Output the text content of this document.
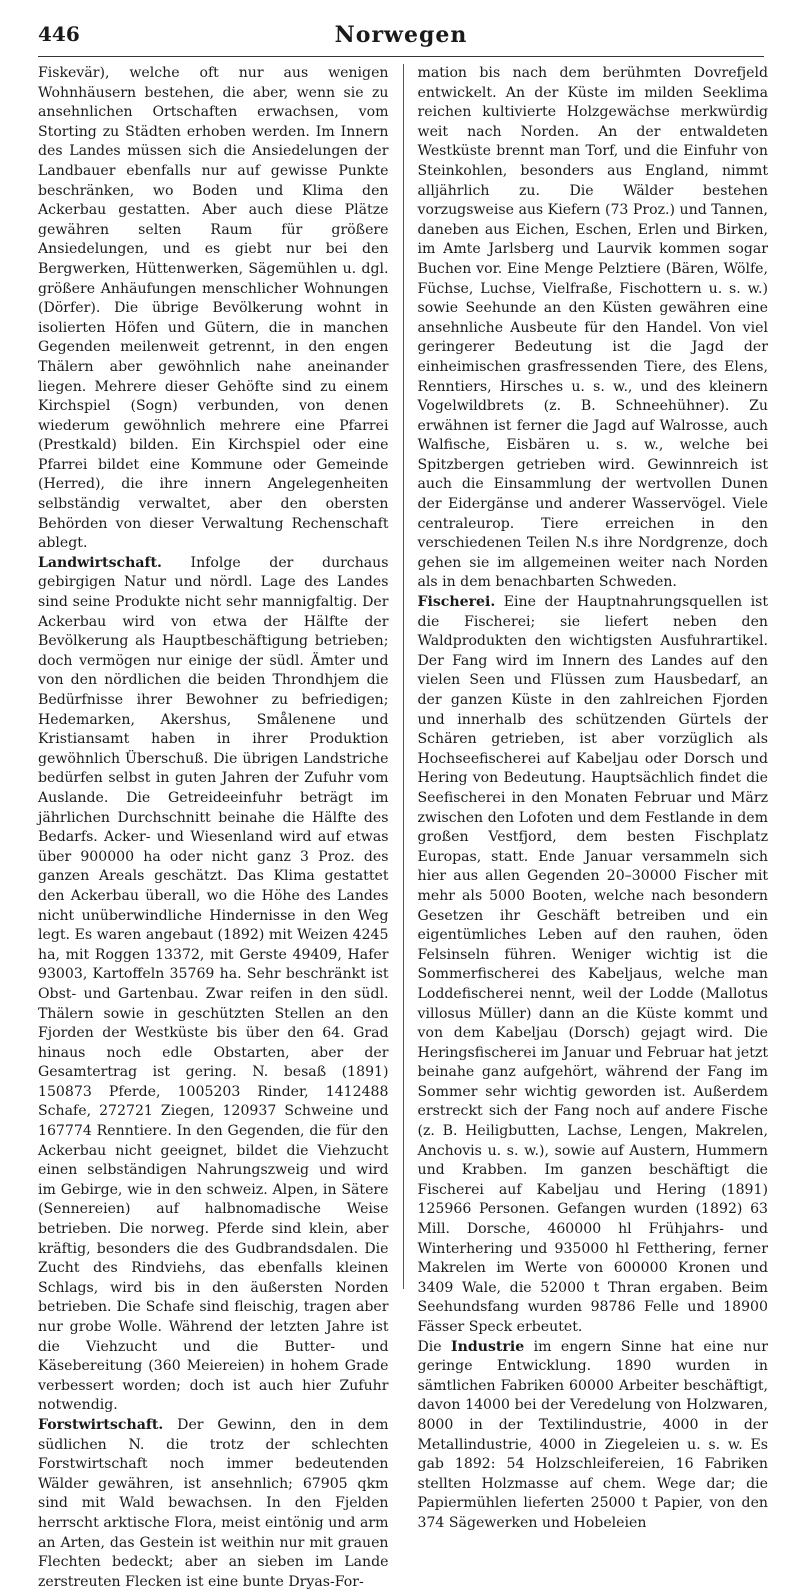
446	Norwegen

Fiskevär), welche oft nur aus wenigen Wohnhäusern bestehen, die aber, wenn sie zu ansehnlichen Ortschaften erwachsen, vom Storting zu Städten erhoben werden. Im Innern des Landes müssen sich die Ansiedelungen der Landbauer ebenfalls nur auf gewisse Punkte beschränken, wo Boden und Klima den Ackerbau gestatten. Aber auch diese Plätze gewähren selten Raum für größere Ansiedelungen, und es giebt nur bei den Bergwerken, Hüttenwerken, Sägemühlen u. dgl. größere Anhäufungen menschlicher Wohnungen (Dörfer). Die übrige Bevölkerung wohnt in isolierten Höfen und Gütern, die in manchen Gegenden meilenweit getrennt, in den engen Thälern aber gewöhnlich nahe aneinander liegen. Mehrere dieser Gehöfte sind zu einem Kirchspiel (Sogn) verbunden, von denen wiederum gewöhnlich mehrere eine Pfarrei (Prestkald) bilden. Ein Kirchspiel oder eine Pfarrei bildet eine Kommune oder Gemeinde (Herred), die ihre innern Angelegenheiten selbständig verwaltet, aber den obersten Behörden von dieser Verwaltung Rechenschaft ablegt.

Landwirtschaft. Infolge der durchaus gebirgigen Natur und nördl. Lage des Landes sind seine Produkte nicht sehr mannigfaltig. Der Ackerbau wird von etwa der Hälfte der Bevölkerung als Hauptbeschäftigung betrieben; doch vermögen nur einige der südl. Ämter und von den nördlichen die beiden Throndhjem die Bedürfnisse ihrer Bewohner zu befriedigen; Hedemarken, Akershus, Smålenene und Kristiansamt haben in ihrer Produktion gewöhnlich Überschuß. Die übrigen Landstriche bedürfen selbst in guten Jahren der Zufuhr vom Auslande. Die Getreideeinfuhr beträgt im jährlichen Durchschnitt beinahe die Hälfte des Bedarfs. Acker- und Wiesenland wird auf etwas über 900000 ha oder nicht ganz 3 Proz. des ganzen Areals geschätzt. Das Klima gestattet den Ackerbau überall, wo die Höhe des Landes nicht unüberwindliche Hindernisse in den Weg legt. Es waren angebaut (1892) mit Weizen 4245 ha, mit Roggen 13372, mit Gerste 49409, Hafer 93003, Kartoffeln 35769 ha. Sehr beschränkt ist Obst- und Gartenbau. Zwar reifen in den südl. Thälern sowie in geschützten Stellen an den Fjorden der Westküste bis über den 64. Grad hinaus noch edle Obstarten, aber der Gesamtertrag ist gering. N. besaß (1891) 150873 Pferde, 1005203 Rinder, 1412488 Schafe, 272721 Ziegen, 120937 Schweine und 167774 Renntiere. In den Gegenden, die für den Ackerbau nicht geeignet, bildet die Viehzucht einen selbständigen Nahrungszweig und wird im Gebirge, wie in den schweiz. Alpen, in Sätere (Sennereien) auf halbnomadische Weise betrieben. Die norweg. Pferde sind klein, aber kräftig, besonders die des Gudbrandsdalen. Die Zucht des Rindviehs, das ebenfalls kleinen Schlags, wird bis in den äußersten Norden betrieben. Die Schafe sind fleischig, tragen aber nur grobe Wolle. Während der letzten Jahre ist die Viehzucht und die Butter- und Käsebereitung (360 Meiereien) in hohem Grade verbessert worden; doch ist auch hier Zufuhr notwendig.

Forstwirtschaft. Der Gewinn, den in dem südlichen N. die trotz der schlechten Forstwirtschaft noch immer bedeutenden Wälder gewähren, ist ansehnlich; 67905 qkm sind mit Wald bewachsen. In den Fjelden herrscht arktische Flora, meist eintönig und arm an Arten, das Gestein ist weithin nur mit grauen Flechten bedeckt; aber an sieben im Lande zerstreuten Flecken ist eine bunte Dryas-For-

mation bis nach dem berühmten Dovrefjeld entwickelt. An der Küste im milden Seeklima reichen kultivierte Holzgewächse merkwürdig weit nach Norden. An der entwaldeten Westküste brennt man Torf, und die Einfuhr von Steinkohlen, besonders aus England, nimmt alljährlich zu. Die Wälder bestehen vorzugsweise aus Kiefern (73 Proz.) und Tannen, daneben aus Eichen, Eschen, Erlen und Birken, im Amte Jarlsberg und Laurvik kommen sogar Buchen vor. Eine Menge Pelztiere (Bären, Wölfe, Füchse, Luchse, Vielfraße, Fischottern u. s. w.) sowie Seehunde an den Küsten gewähren eine ansehnliche Ausbeute für den Handel. Von viel geringerer Bedeutung ist die Jagd der einheimischen grasfressenden Tiere, des Elens, Renntiers, Hirsches u. s. w., und des kleinern Vogelwildbrets (z. B. Schneehühner). Zu erwähnen ist ferner die Jagd auf Walrosse, auch Walfische, Eisbären u. s. w., welche bei Spitzbergen getrieben wird. Gewinnreich ist auch die Einsammlung der wertvollen Dunen der Eidergänse und anderer Wasservögel. Viele centraleurop. Tiere erreichen in den verschiedenen Teilen N.s ihre Nordgrenze, doch gehen sie im allgemeinen weiter nach Norden als in dem benachbarten Schweden.

Fischerei. Eine der Hauptnahrungsquellen ist die Fischerei; sie liefert neben den Waldprodukten den wichtigsten Ausfuhrartikel. Der Fang wird im Innern des Landes auf den vielen Seen und Flüssen zum Hausbedarf, an der ganzen Küste in den zahlreichen Fjorden und innerhalb des schützenden Gürtels der Schären getrieben, ist aber vorzüglich als Hochseefischerei auf Kabeljau oder Dorsch und Hering von Bedeutung. Hauptsächlich findet die Seefischerei in den Monaten Februar und März zwischen den Lofoten und dem Festlande in dem großen Vestfjord, dem besten Fischplatz Europas, statt. Ende Januar versammeln sich hier aus allen Gegenden 20–30000 Fischer mit mehr als 5000 Booten, welche nach besondern Gesetzen ihr Geschäft betreiben und ein eigentümliches Leben auf den rauhen, öden Felsinseln führen. Weniger wichtig ist die Sommerfischerei des Kabeljaus, welche man Loddefischerei nennt, weil der Lodde (Mallotus villosus Müller) dann an die Küste kommt und von dem Kabeljau (Dorsch) gejagt wird. Die Heringsfischerei im Januar und Februar hat jetzt beinahe ganz aufgehört, während der Fang im Sommer sehr wichtig geworden ist. Außerdem erstreckt sich der Fang noch auf andere Fische (z. B. Heiligbutten, Lachse, Lengen, Makrelen, Anchovis u. s. w.), sowie auf Austern, Hummern und Krabben. Im ganzen beschäftigt die Fischerei auf Kabeljau und Hering (1891) 125966 Personen. Gefangen wurden (1892) 63 Mill. Dorsche, 460000 hl Frühjahrs- und Winterhering und 935000 hl Fetthering, ferner Makrelen im Werte von 600000 Kronen und 3409 Wale, die 52000 t Thran ergaben. Beim Seehundsfang wurden 98786 Felle und 18900 Fässer Speck erbeutet.

Die Industrie im engern Sinne hat eine nur geringe Entwicklung. 1890 wurden in sämtlichen Fabriken 60000 Arbeiter beschäftigt, davon 14000 bei der Veredelung von Holzwaren, 8000 in der Textilindustrie, 4000 in der Metallindustrie, 4000 in Ziegeleien u. s. w. Es gab 1892: 54 Holzschleifereien, 16 Fabriken stellten Holzmasse auf chem. Wege dar; die Papiermühlen lieferten 25000 t Papier, von den 374 Sägewerken und Hobeleien
